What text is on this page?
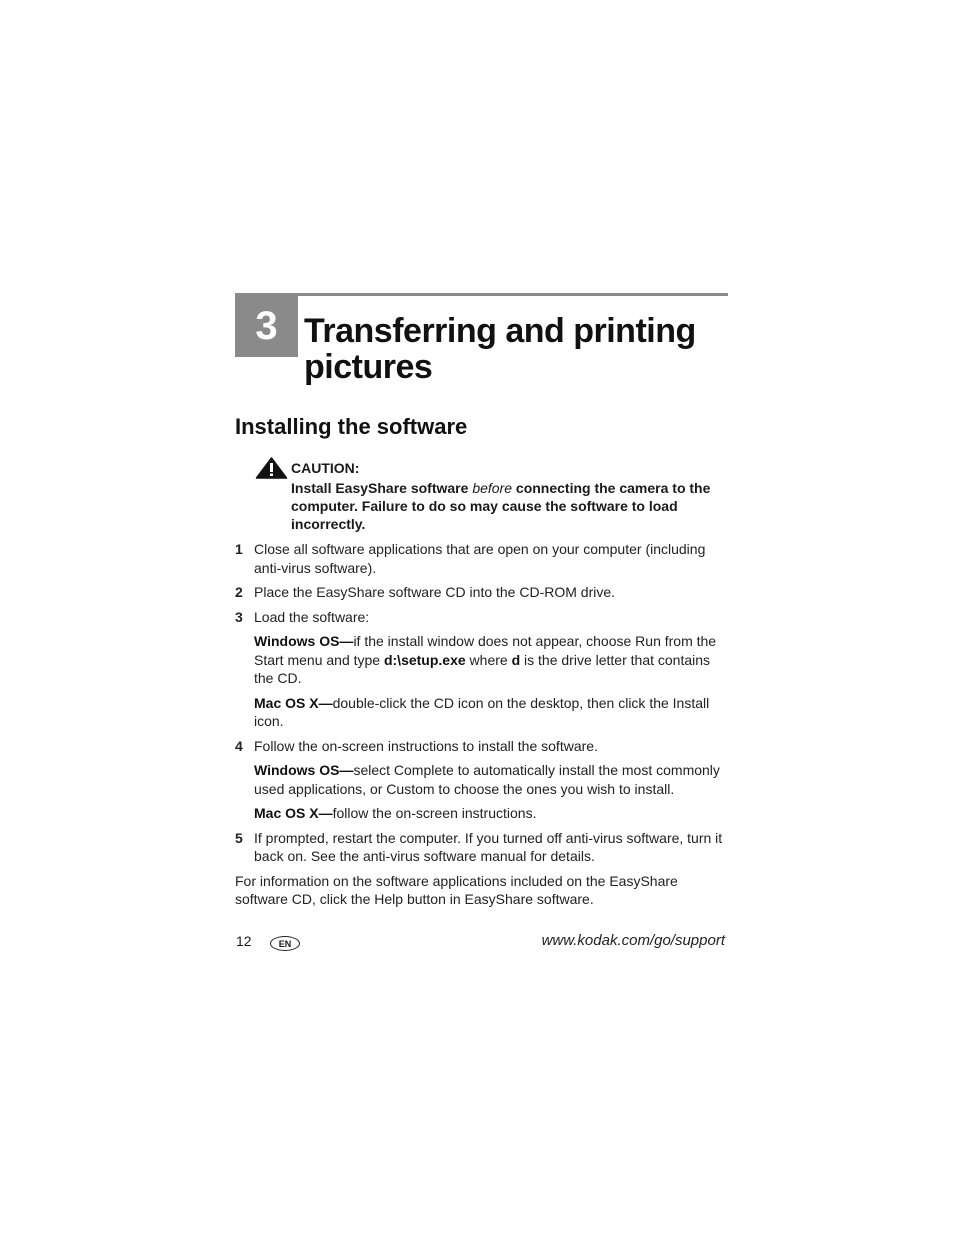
3 Transferring and printing pictures
Installing the software
CAUTION:

Install EasyShare software before connecting the camera to the computer. Failure to do so may cause the software to load incorrectly.

1 Close all software applications that are open on your computer (including anti-virus software).
2 Place the EasyShare software CD into the CD-ROM drive.
3 Load the software:

Windows OS—if the install window does not appear, choose Run from the Start menu and type d:\setup.exe where d is the drive letter that contains the CD.

Mac OS X—double-click the CD icon on the desktop, then click the Install icon.

4 Follow the on-screen instructions to install the software.

Windows OS—select Complete to automatically install the most commonly used applications, or Custom to choose the ones you wish to install.

Mac OS X—follow the on-screen instructions.

5 If prompted, restart the computer. If you turned off anti-virus software, turn it back on. See the anti-virus software manual for details.

For information on the software applications included on the EasyShare software CD, click the Help button in EasyShare software.

12	EN	www.kodak.com/go/support
